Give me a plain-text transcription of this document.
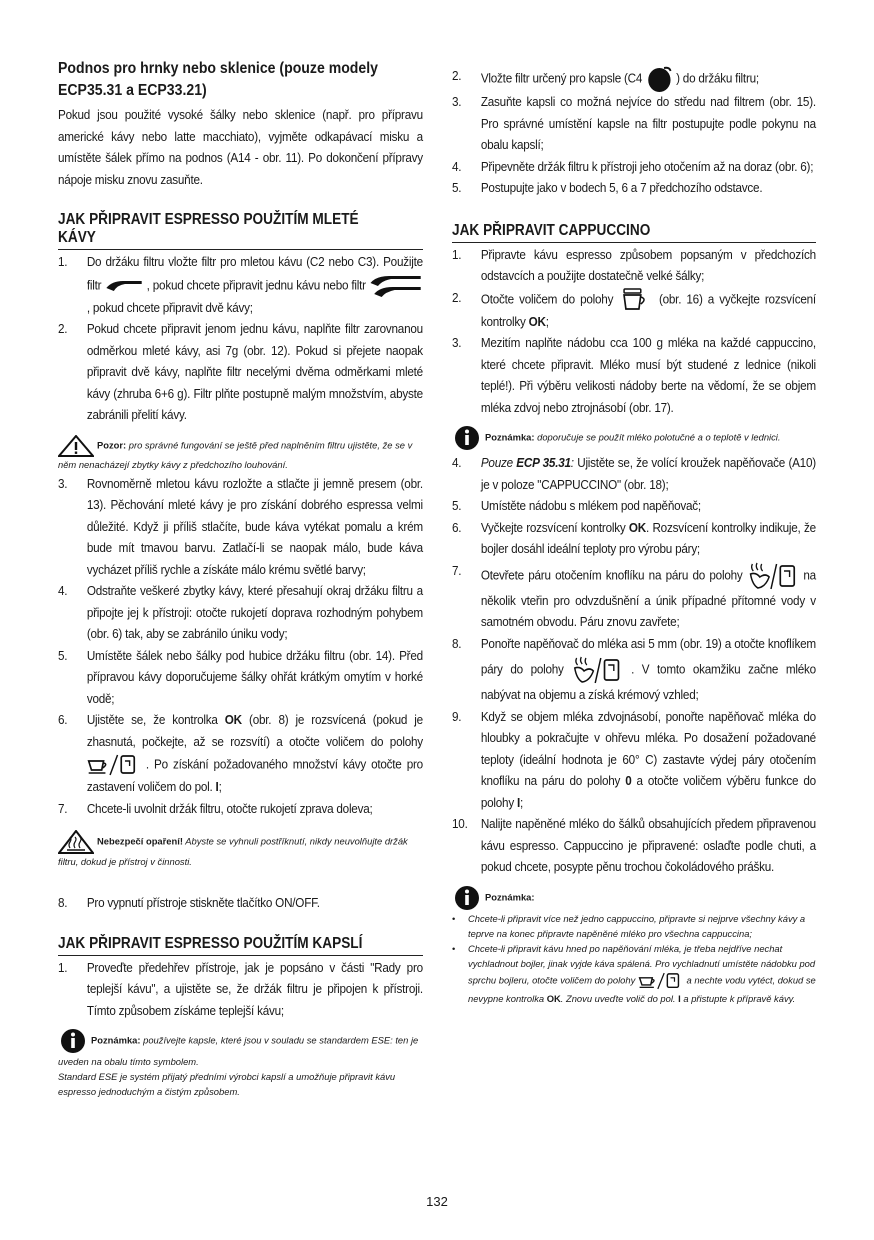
Podnos pro hrnky nebo sklenice (pouze modely ECP35.31 a ECP33.21)
Pokud jsou použité vysoké šálky nebo sklenice (např. pro přípravu americké kávy nebo latte macchiato), vyjměte odkapávací misku a umístěte šálek přímo na podnos (A14 - obr. 11). Po dokončení přípravy nápoje misku znovu zasuňte.
JAK PŘIPRAVIT ESPRESSO POUŽITÍM MLETÉ KÁVY
1. Do držáku filtru vložte filtr pro mletou kávu (C2 nebo C3). Použijte filtr	, pokud chcete připravit jednu kávu nebo filtr  , pokud chcete připravit dvě kávy;
2. Pokud chcete připravit jenom jednu kávu, naplňte filtr zarovnanou odměrkou mleté kávy, asi 7g (obr. 12). Pokud si přejete naopak připravit dvě kávy, naplňte filtr necelými dvěma odměrkami mleté kávy (zhruba 6+6 g). Filtr plňte postupně malým množstvím, abyste zabránili přelití kávy.
Pozor: pro správné fungování se ještě před naplněním filtru ujistěte, že se v něm nenacházejí zbytky kávy z předchozího louhování.
3. Rovnoměrně mletou kávu rozložte a stlačte ji jemně presem (obr. 13). Pěchování mleté kávy je pro získání dobrého espressa velmi důležité. Když ji příliš stlačíte, bude káva vytékat pomalu a krém bude mít tmavou barvu. Zatlačí-li se naopak málo, bude káva vycházet příliš rychle a získáte málo krému světlé barvy;
4. Odstraňte veškeré zbytky kávy, které přesahují okraj držáku filtru a připojte jej k přístroji: otočte rukojetí doprava rozhodným pohybem (obr. 6) tak, aby se zabránilo úniku vody;
5. Umístěte šálek nebo šálky pod hubice držáku filtru (obr. 14). Před přípravou kávy doporučujeme šálky ohřát krátkým omytím v horké vodě;
6. Ujistěte se, že kontrolka OK (obr. 8) je rozsvícená (pokud je zhasnutá, počkejte, až se rozsvítí) a otočte voličem do polohy  . Po získání požadovaného množství kávy otočte pro zastavení voličem do pol. I;
7. Chcete-li uvolnit držák filtru, otočte rukojetí zprava doleva;
Nebezpečí opaření! Abyste se vyhnuli postříknutí, nikdy neuvolňujte držák filtru, dokud je přístroj v činnosti.
8. Pro vypnutí přístroje stiskněte tlačítko ON/OFF.
JAK PŘIPRAVIT ESPRESSO POUŽITÍM KAPSLÍ
1. Proveďte předehřev přístroje, jak je popsáno v části "Rady pro teplejší kávu", a ujistěte se, že držák filtru je připojen k přístroji. Tímto způsobem získáme teplejší kávu;
Poznámka: používejte kapsle, které jsou v souladu se standardem ESE: ten je uveden na obalu tímto symbolem.
Standard ESE je systém přijatý předními výrobci kapslí a umožňuje připravit kávu espresso jednoduchým a čistým způsobem.
2. Vložte filtr určený pro kapsle (C4	) do držáku filtru;
3. Zasuňte kapsli co možná nejvíce do středu nad filtrem (obr. 15). Pro správné umístění kapsle na filtr postupujte podle pokynu na obalu kapslí;
4. Připevněte držák filtru k přístroji jeho otočením až na doraz (obr. 6);
5. Postupujte jako v bodech 5, 6 a 7 předchozího odstavce.
JAK PŘIPRAVIT CAPPUCCINO
1. Připravte kávu espresso způsobem popsaným v předchozích odstavcích a použijte dostatečně velké šálky;
2. Otočte voličem do polohy	(obr. 16) a vyčkejte rozsvícení kontrolky OK;
3. Mezitím naplňte nádobu cca 100 g mléka na každé cappuccino, které chcete připravit. Mléko musí být studené z lednice (nikoli teplé!). Při výběru velikosti nádoby berte na vědomí, že se objem mléka zdvoj nebo ztrojnásobí (obr. 17).
Poznámka: doporučuje se použít mléko polotučné a o teplotě v lednici.
4. Pouze ECP 35.31: Ujistěte se, že volící kroužek napěňovače (A10) je v poloze "CAPPUCCINO" (obr. 18);
5. Umístěte nádobu s mlékem pod napěňovač;
6. Vyčkejte rozsvícení kontrolky OK. Rozsvícení kontrolky indikuje, že bojler dosáhl ideální teploty pro výrobu páry;
7. Otevřete páru otočením knoflíku na páru do polohy	na několik vteřin pro odvzdušnění a únik případné přítomné vody v samotném obvodu. Páru znovu zavřete;
8. Ponořte napěňovač do mléka asi 5 mm (obr. 19) a otočte knoflíkem páry do polohy	. V tomto okamžiku začne mléko nabývat na objemu a získá krémový vzhled;
9. Když se objem mléka zdvojnásobí, ponořte napěňovač mléka do hloubky a pokračujte v ohřevu mléka. Po dosažení požadované teploty (ideální hodnota je 60° C) zastavte výdej páry otočením knoflíku na páru do polohy 0 a otočte voličem výběru funkce do polohy I;
10. Nalijte napěněné mléko do šálků obsahujících předem připravenou kávu espresso. Cappuccino je připravené: oslaďte podle chuti, a pokud chcete, posypte pěnu trochou čokoládového prášku.
Poznámka:
• Chcete-li připravit více než jedno cappuccino, připravte si nejprve všechny kávy a teprve na konec připravte napěněné mléko pro všechna cappuccina;
• Chcete-li připravit kávu hned po napěňování mléka, je třeba nejdříve nechat vychladnout bojler, jinak vyjde káva spálená. Pro vychladnutí umístěte nádobku pod sprchu bojleru, otočte voličem do polohy	a nechte vodu vytéct, dokud se nevypne kontrolka OK. Znovu uveďte volič do pol. I a přistupte k přípravě kávy.
132
